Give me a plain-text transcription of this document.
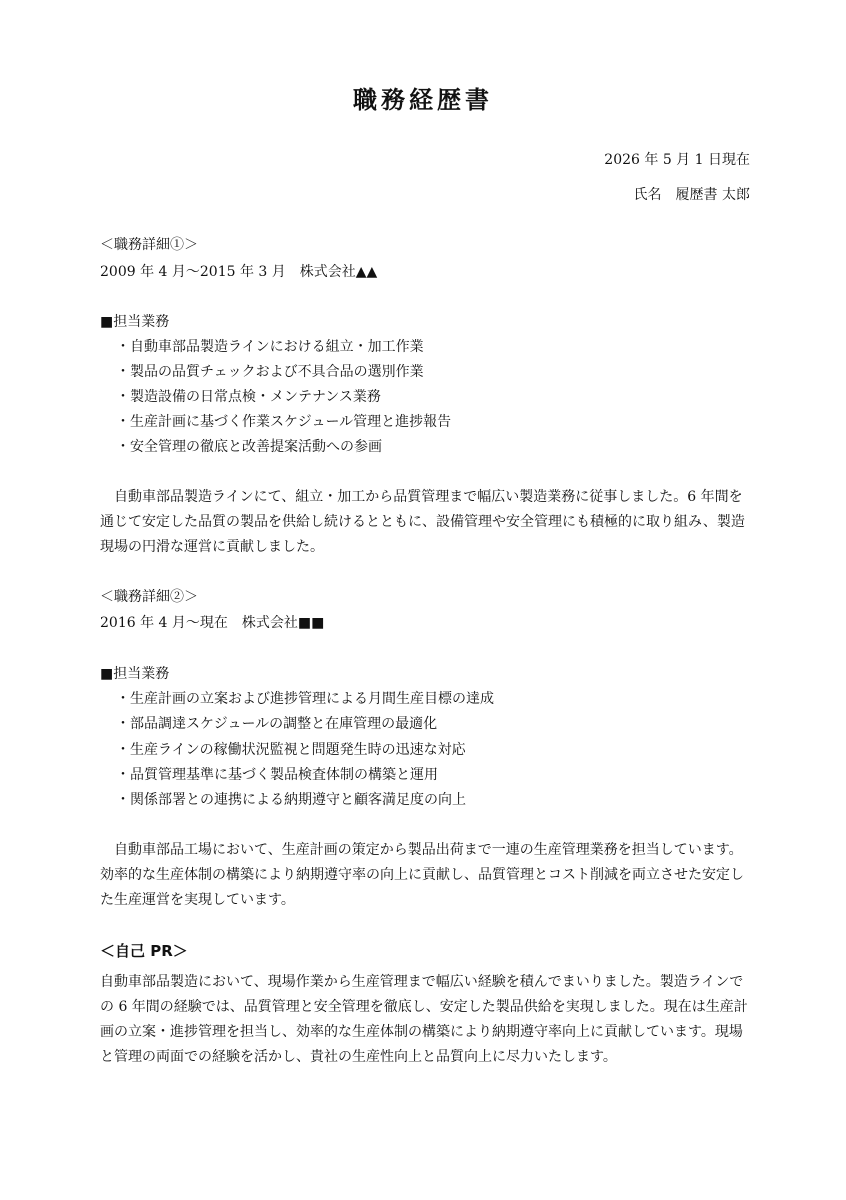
職務経歴書
2026 年 5 月 1 日現在
氏名　履歴書 太郎
＜職務詳細①＞
2009 年 4 月～2015 年 3 月　株式会社▲▲
■担当業務
・自動車部品製造ラインにおける組立・加工作業
・製品の品質チェックおよび不具合品の選別作業
・製造設備の日常点検・メンテナンス業務
・生産計画に基づく作業スケジュール管理と進捗報告
・安全管理の徹底と改善提案活動への参画

自動車部品製造ラインにて、組立・加工から品質管理まで幅広い製造業務に従事しました。6 年間を通じて安定した品質の製品を供給し続けるとともに、設備管理や安全管理にも積極的に取り組み、製造現場の円滑な運営に貢献しました。

＜職務詳細②＞
2016 年 4 月～現在　株式会社■■
■担当業務
・生産計画の立案および進捗管理による月間生産目標の達成
・部品調達スケジュールの調整と在庫管理の最適化
・生産ラインの稼働状況監視と問題発生時の迅速な対応
・品質管理基準に基づく製品検査体制の構築と運用
・関係部署との連携による納期遵守と顧客満足度の向上

自動車部品工場において、生産計画の策定から製品出荷まで一連の生産管理業務を担当しています。効率的な生産体制の構築により納期遵守率の向上に貢献し、品質管理とコスト削減を両立させた安定した生産運営を実現しています。

＜自己 PR＞

自動車部品製造において、現場作業から生産管理まで幅広い経験を積んでまいりました。製造ラインでの 6 年間の経験では、品質管理と安全管理を徹底し、安定した製品供給を実現しました。現在は生産計画の立案・進捗管理を担当し、効率的な生産体制の構築により納期遵守率向上に貢献しています。現場と管理の両面での経験を活かし、貴社の生産性向上と品質向上に尽力いたします。
